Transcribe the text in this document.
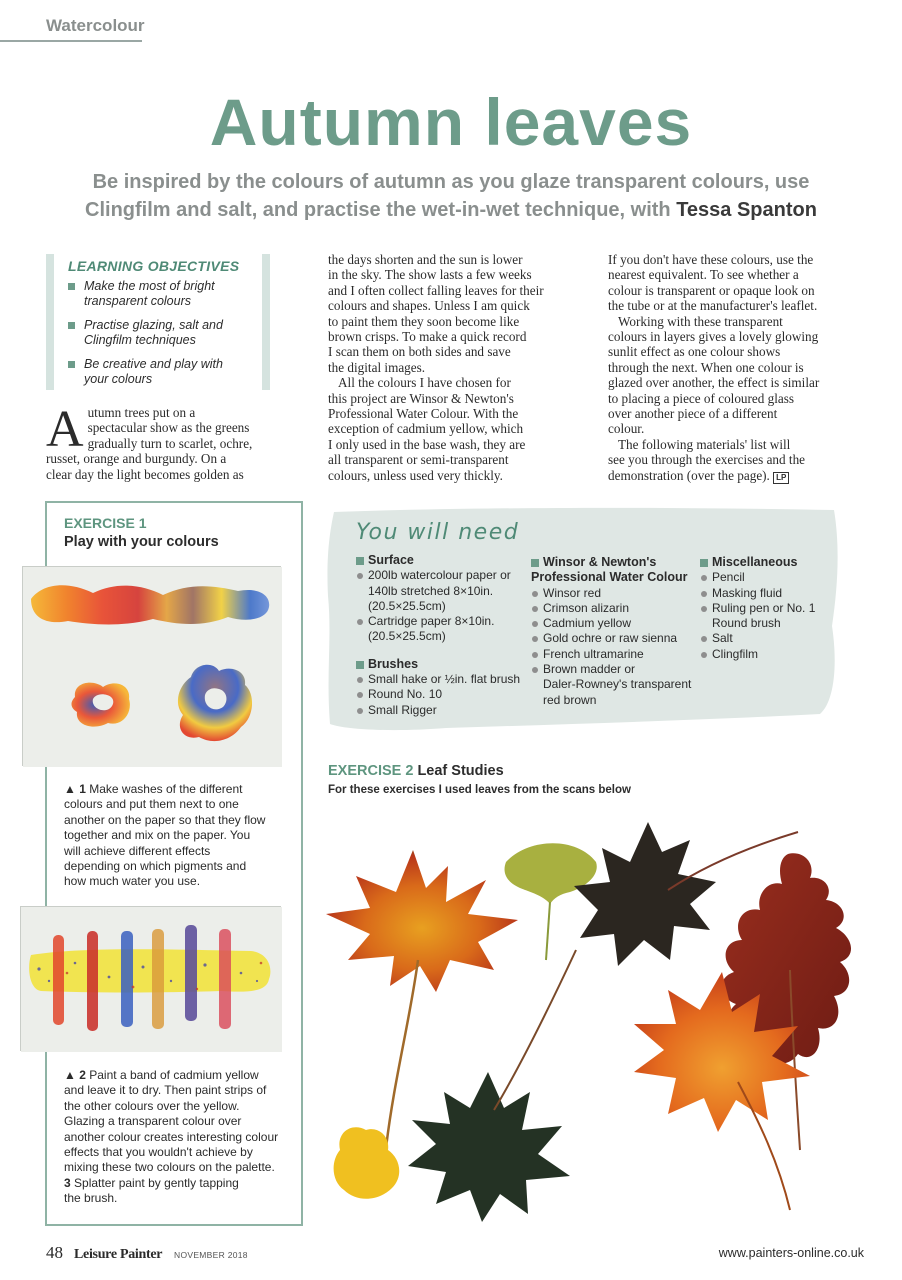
Watercolour
Autumn leaves
Be inspired by the colours of autumn as you glaze transparent colours, use
Clingfilm and salt, and practise the wet-in-wet technique, with Tessa Spanton
LEARNING OBJECTIVES
Make the most of bright
transparent colours
Practise glazing, salt and
Clingfilm techniques
Be creative and play with
your colours
A utumn trees put on a

spectacular show as the greens

gradually turn to scarlet, ochre,

russet, orange and burgundy. On a

clear day the light becomes golden as

the days shorten and the sun is lower

in the sky. The show lasts a few weeks

and I often collect falling leaves for their

colours and shapes. Unless I am quick

to paint them they soon become like

brown crisps. To make a quick record

I scan them on both sides and save

the digital images.

All the colours I have chosen for

this project are Winsor & Newton's

Professional Water Colour. With the

exception of cadmium yellow, which

I only used in the base wash, they are

all transparent or semi-transparent

colours, unless used very thickly.

If you don't have these colours, use the

nearest equivalent. To see whether a

colour is transparent or opaque look on

the tube or at the manufacturer's leaflet.

Working with these transparent

colours in layers gives a lovely glowing

sunlit effect as one colour shows

through the next. When one colour is

glazed over another, the effect is similar

to placing a piece of coloured glass

over another piece of a different

colour.

The following materials' list will

see you through the exercises and the

demonstration (over the page). LP

EXERCISE 1
Play with your colours
▲ 1 Make washes of the different
colours and put them next to one
another on the paper so that they flow
together and mix on the paper. You
will achieve different effects
depending on which pigments and
how much water you use.
▲ 2 Paint a band of cadmium yellow
and leave it to dry. Then paint strips of
the other colours over the yellow.
Glazing a transparent colour over
another colour creates interesting colour
effects that you wouldn't achieve by
mixing these two colours on the palette.
3 Splatter paint by gently tapping
the brush.
You will need
Surface
200lb watercolour paper or
140lb stretched 8×10in.
(20.5×25.5cm)
Cartridge paper 8×10in.
(20.5×25.5cm)
Brushes
Small hake or ½in. flat brush
Round No. 10
Small Rigger
Winsor & Newton's
Professional Water Colour
Winsor red
Crimson alizarin
Cadmium yellow
Gold ochre or raw sienna
French ultramarine
Brown madder or
Daler-Rowney's transparent
red brown
Miscellaneous
Pencil
Masking fluid
Ruling pen or No. 1
Round brush
Salt
Clingfilm
EXERCISE 2 Leaf Studies
For these exercises I used leaves from the scans below
48 Leisure Painter NOVEMBER 2018	www.painters-online.co.uk
